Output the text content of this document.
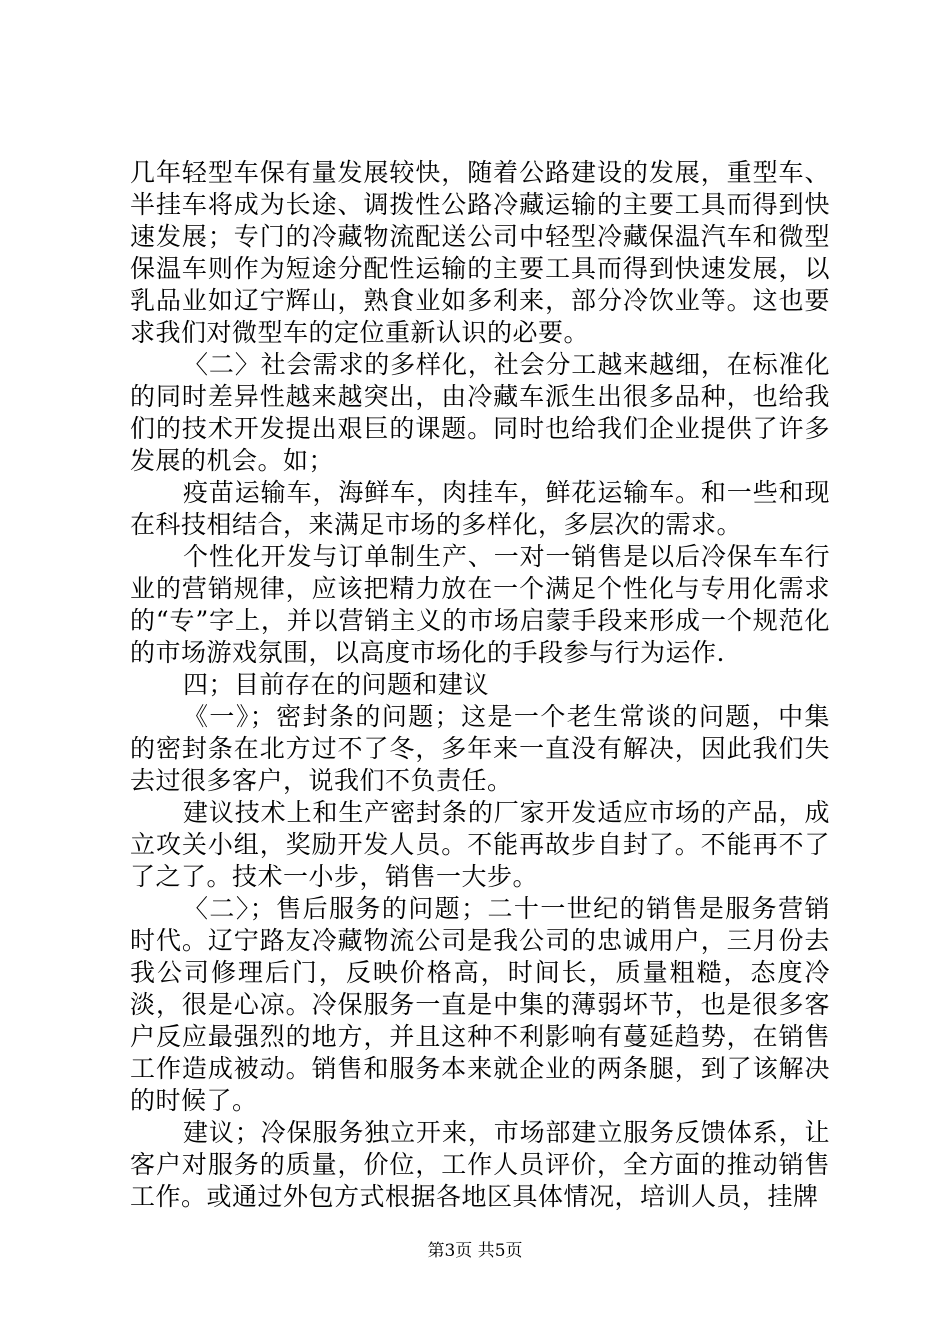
几年轻型车保有量发展较快，随着公路建设的发展，重型车、半挂车将成为长途、调拨性公路冷藏运输的主要工具而得到快速发展；专门的冷藏物流配送公司中轻型冷藏保温汽车和微型保温车则作为短途分配性运输的主要工具而得到快速发展，以乳品业如辽宁辉山，熟食业如多利来，部分冷饮业等。这也要求我们对微型车的定位重新认识的必要。

〈二〉社会需求的多样化，社会分工越来越细，在标准化的同时差异性越来越突出，由冷藏车派生出很多品种，也给我们的技术开发提出艰巨的课题。同时也给我们企业提供了许多发展的机会。如；

疫苗运输车，海鲜车，肉挂车，鲜花运输车。和一些和现在科技相结合，来满足市场的多样化，多层次的需求。

个性化开发与订单制生产、一对一销售是以后冷保车车行业的营销规律，应该把精力放在一个满足个性化与专用化需求的“专”字上，并以营销主义的市场启蒙手段来形成一个规范化的市场游戏氛围，以高度市场化的手段参与行为运作.

四；目前存在的问题和建议

《一》；密封条的问题；这是一个老生常谈的问题，中集的密封条在北方过不了冬，多年来一直没有解决，因此我们失去过很多客户，说我们不负责任。

建议技术上和生产密封条的厂家开发适应市场的产品，成立攻关小组，奖励开发人员。不能再故步自封了。不能再不了了之了。技术一小步，销售一大步。

〈二〉；售后服务的问题；二十一世纪的销售是服务营销时代。辽宁路友冷藏物流公司是我公司的忠诚用户，三月份去我公司修理后门，反映价格高，时间长，质量粗糙，态度冷淡，很是心凉。冷保服务一直是中集的薄弱坏节，也是很多客户反应最强烈的地方，并且这种不利影响有蔓延趋势，在销售工作造成被动。销售和服务本来就企业的两条腿，到了该解决的时候了。

建议；冷保服务独立开来，市场部建立服务反馈体系，让客户对服务的质量，价位，工作人员评价，全方面的推动销售工作。或通过外包方式根据各地区具体情况，培训人员，挂牌

第3页 共5页
